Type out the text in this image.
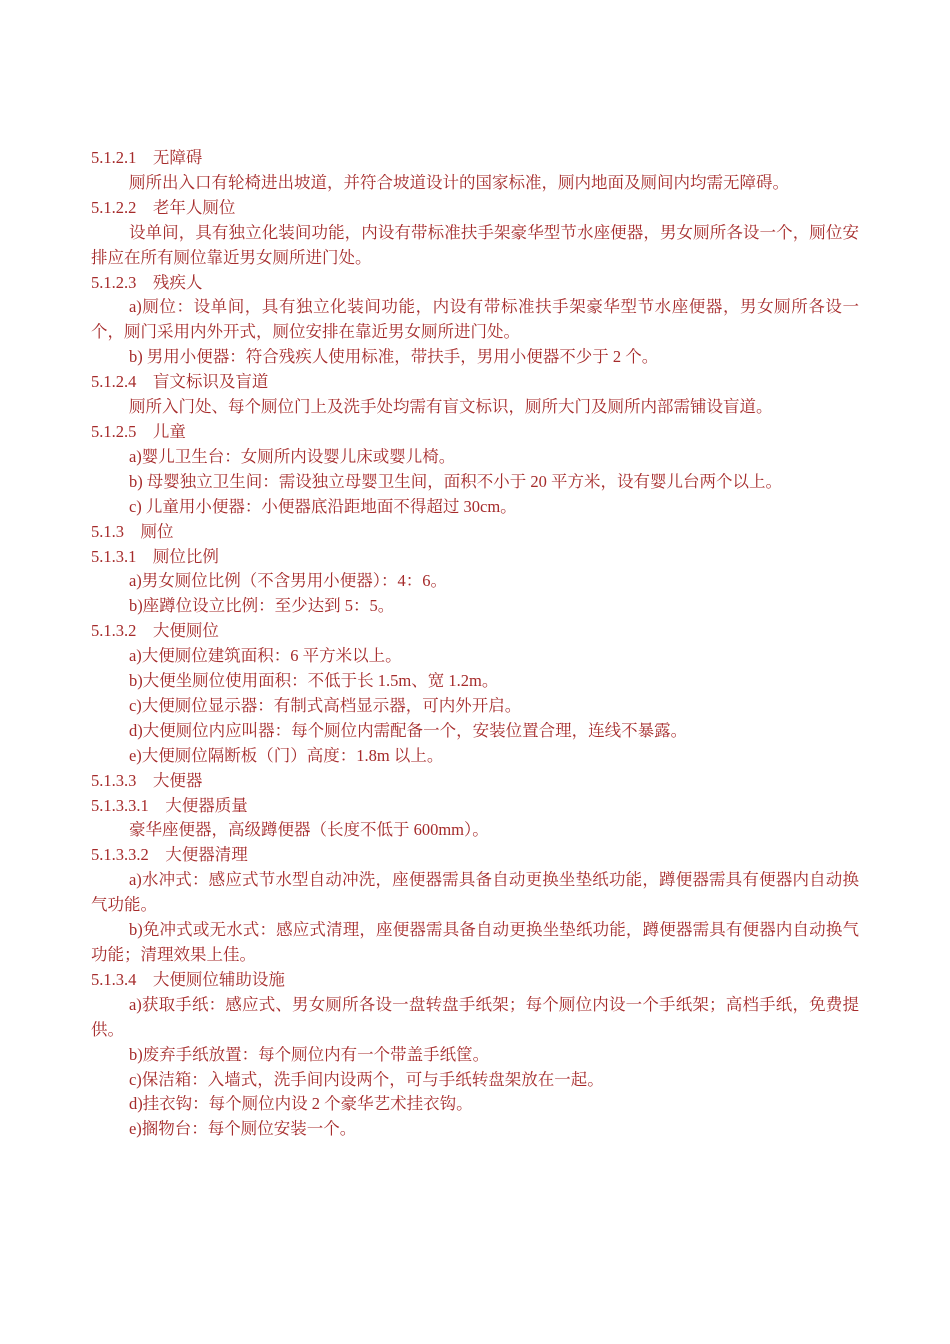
5.1.2.1    无障碍
厕所出入口有轮椅进出坡道，并符合坡道设计的国家标准，厕内地面及厕间内均需无障碍。
5.1.2.2    老年人厕位
设单间，具有独立化装间功能，内设有带标准扶手架豪华型节水座便器，男女厕所各设一个，厕位安排应在所有厕位靠近男女厕所进门处。
5.1.2.3    残疾人
a)厕位：设单间，具有独立化装间功能，内设有带标准扶手架豪华型节水座便器，男女厕所各设一个，厕门采用内外开式，厕位安排在靠近男女厕所进门处。
b) 男用小便器：符合残疾人使用标准，带扶手，男用小便器不少于 2 个。
5.1.2.4    盲文标识及盲道
厕所入门处、每个厕位门上及洗手处均需有盲文标识，厕所大门及厕所内部需铺设盲道。
5.1.2.5    儿童
a)婴儿卫生台：女厕所内设婴儿床或婴儿椅。
b) 母婴独立卫生间：需设独立母婴卫生间，面积不小于 20 平方米，设有婴儿台两个以上。
c) 儿童用小便器：小便器底沿距地面不得超过 30cm。
5.1.3    厕位
5.1.3.1    厕位比例
a)男女厕位比例（不含男用小便器）：4：6。
b)座蹲位设立比例：至少达到 5：5。
5.1.3.2    大便厕位
a)大便厕位建筑面积：6 平方米以上。
b)大便坐厕位使用面积：不低于长 1.5m、宽 1.2m。
c)大便厕位显示器：有制式高档显示器，可内外开启。
d)大便厕位内应叫器：每个厕位内需配备一个，安装位置合理，连线不暴露。
e)大便厕位隔断板（门）高度：1.8m 以上。
5.1.3.3    大便器
5.1.3.3.1    大便器质量
豪华座便器，高级蹲便器（长度不低于 600mm）。
5.1.3.3.2    大便器清理
a)水冲式：感应式节水型自动冲洗，座便器需具备自动更换坐垫纸功能，蹲便器需具有便器内自动换气功能。
b)免冲式或无水式：感应式清理，座便器需具备自动更换坐垫纸功能，蹲便器需具有便器内自动换气功能；清理效果上佳。
5.1.3.4    大便厕位辅助设施
a)获取手纸：感应式、男女厕所各设一盘转盘手纸架；每个厕位内设一个手纸架；高档手纸，免费提供。
b)废弃手纸放置：每个厕位内有一个带盖手纸筐。
c)保洁箱：入墙式，洗手间内设两个，可与手纸转盘架放在一起。
d)挂衣钩：每个厕位内设 2 个豪华艺术挂衣钩。
e)搁物台：每个厕位安装一个。
